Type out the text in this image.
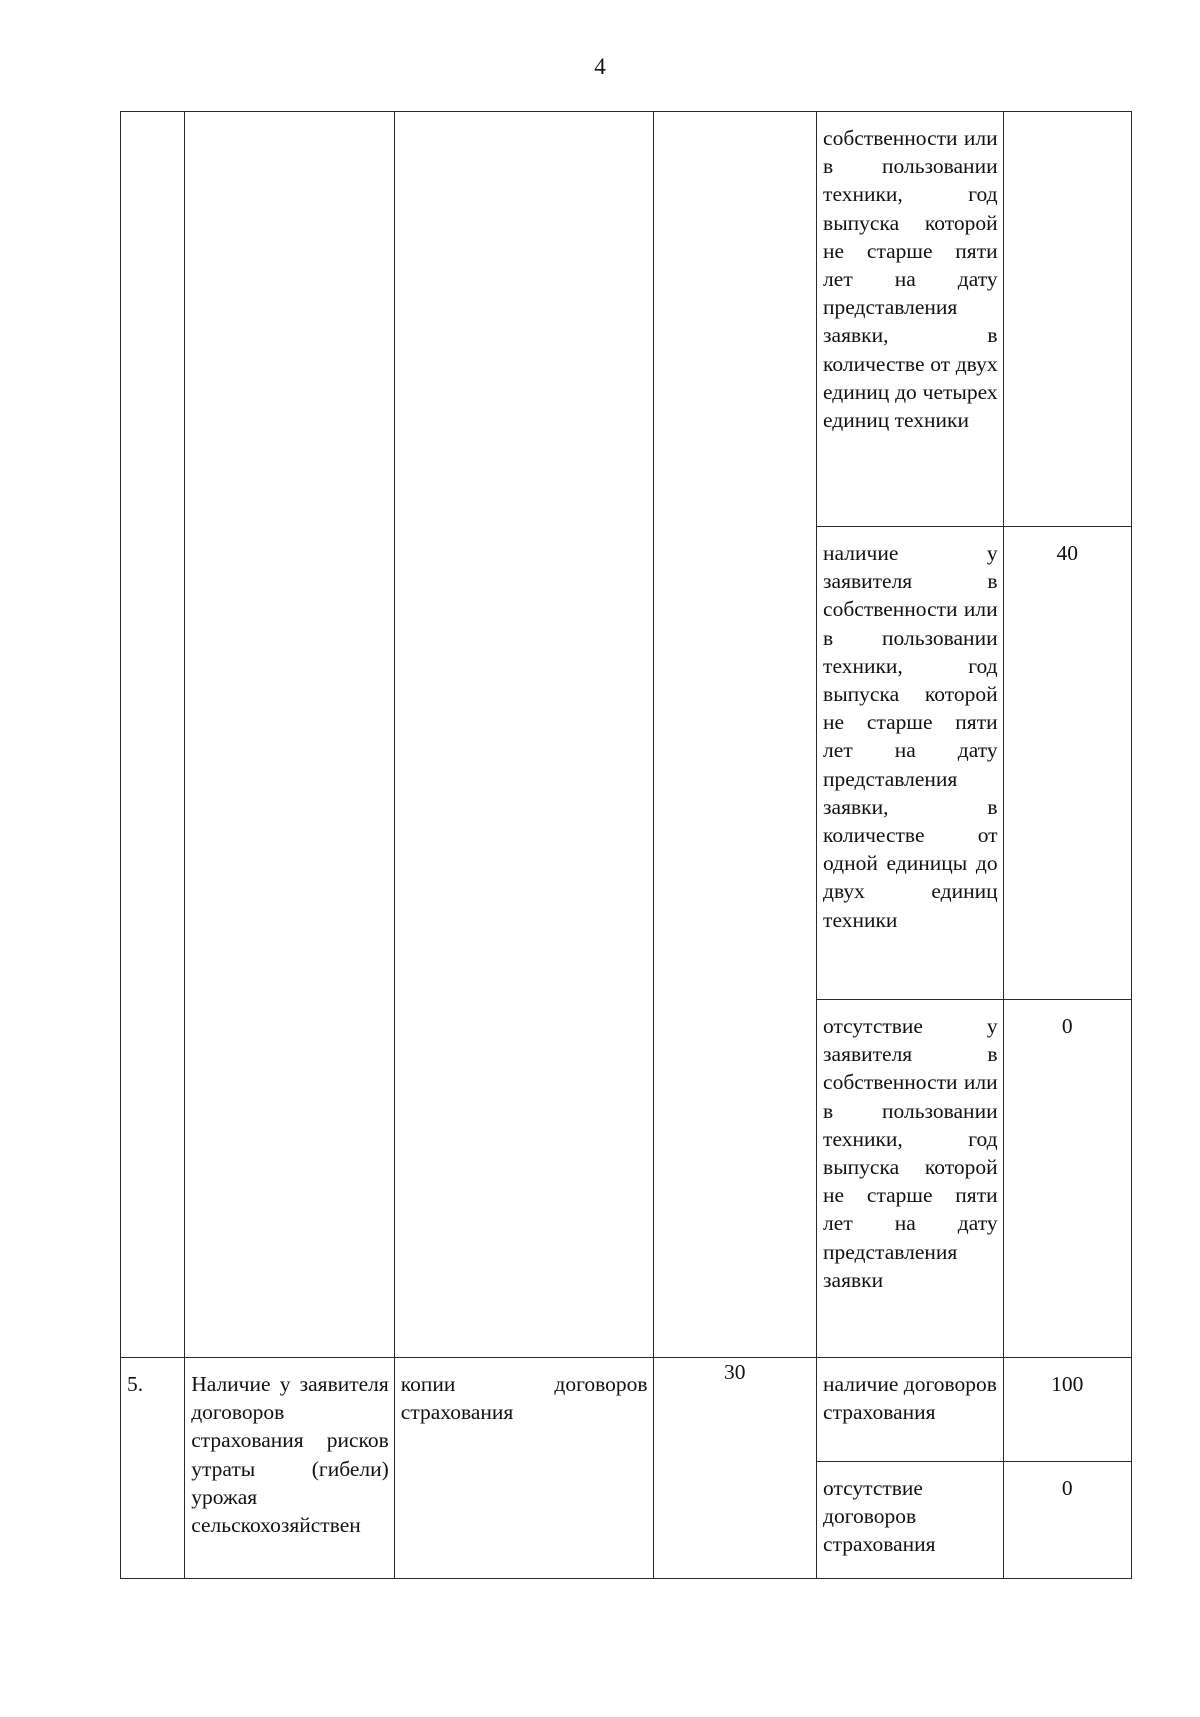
4

				собственности или в пользовании техники, год выпуска которой не старше пяти лет на дату представления заявки, в количестве от двух единиц до четырех единиц техники	

				наличие у заявителя в собственности или в пользовании техники, год выпуска которой не старше пяти лет на дату представления заявки, в количестве от одной единицы до двух единиц техники	40

				отсутствие у заявителя в собственности или в пользовании техники, год выпуска которой не старше пяти лет на дату представления заявки	0

5.	Наличие у заявителя договоров страхования рисков утраты (гибели) урожая сельскохозяйствен	копии договоров страхования	30	наличие договоров страхования	100

				отсутствие договоров страхования	0
